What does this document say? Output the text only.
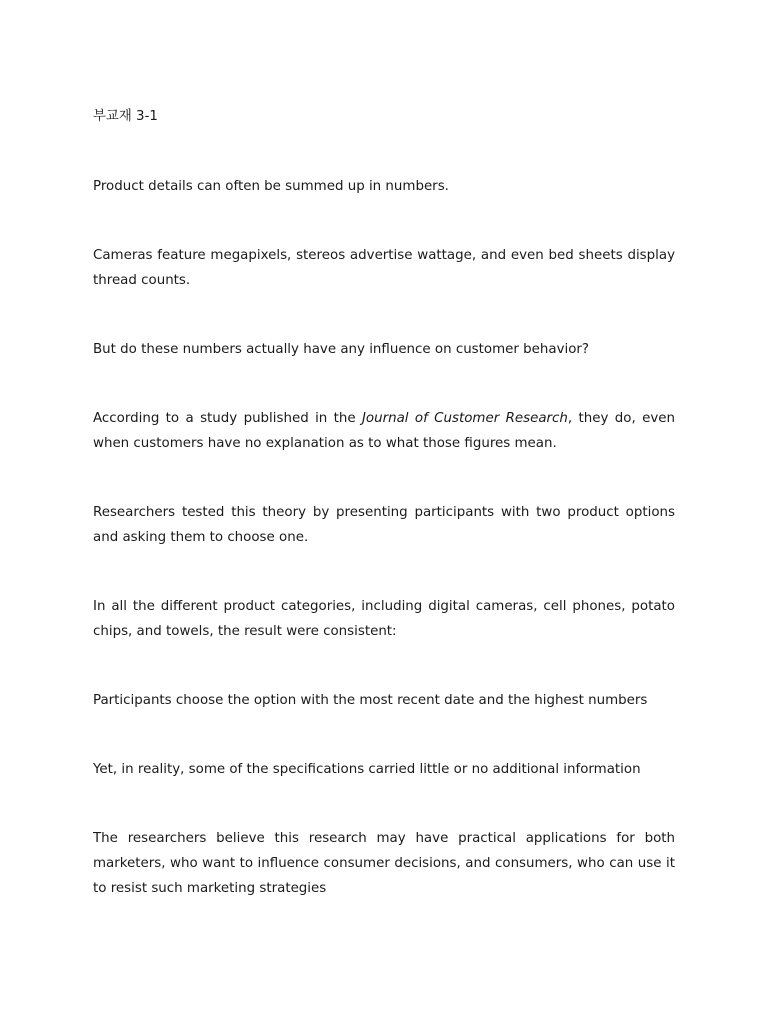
부교재 3-1

Product details can often be summed up in numbers.

Cameras feature megapixels, stereos advertise wattage, and even bed sheets display thread counts.

But do these numbers actually have any influence on customer behavior?

According to a study published in the Journal of Customer Research, they do, even when customers have no explanation as to what those figures mean.

Researchers tested this theory by presenting participants with two product options and asking them to choose one.

In all the different product categories, including digital cameras, cell phones, potato chips, and towels, the result were consistent:

Participants choose the option with the most recent date and the highest numbers

Yet, in reality, some of the specifications carried little or no additional information

The researchers believe this research may have practical applications for both marketers, who want to influence consumer decisions, and consumers, who can use it to resist such marketing strategies
